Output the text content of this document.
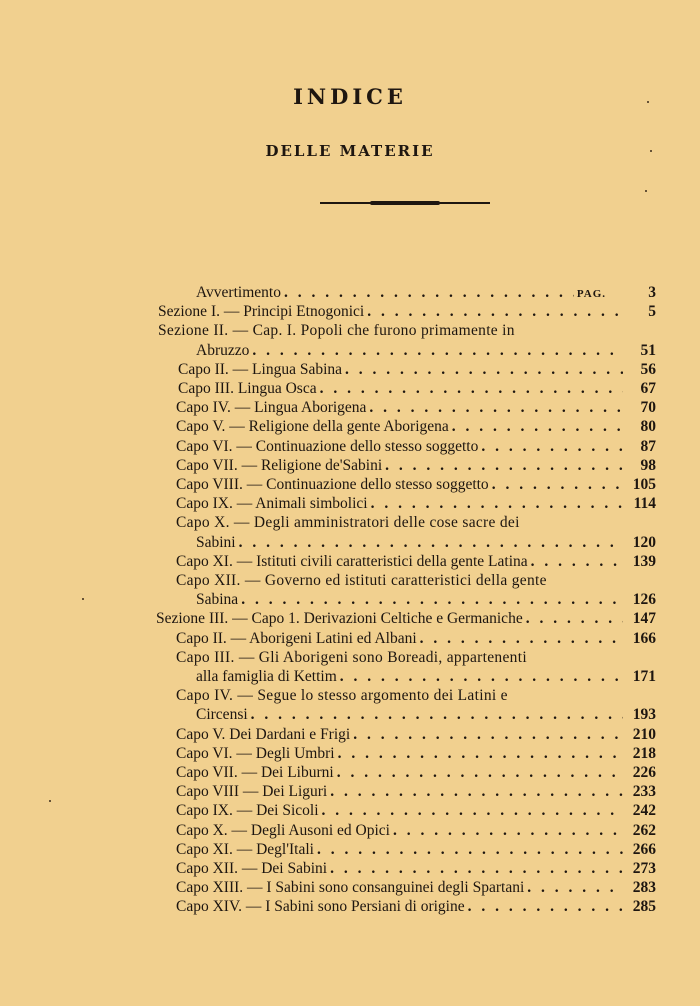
INDICE
DELLE MATERIE
Avvertimento . . .	PAG.	3
Sezione I. — Principi Etnogonici . . .	5
Sezione II. — Cap. I. Popoli che furono primamente in
Abruzzo . . .	51
Capo II. — Lingua Sabina . . .	56
Capo III. Lingua Osca . . .	67
Capo IV. — Lingua Aborigena . . .	70
Capo V. — Religione della gente Aborigena . . .	80
Capo VI. — Continuazione dello stesso soggetto . . .	87
Capo VII. — Religione de'Sabini . . .	98
Capo VIII. — Continuazione dello stesso soggetto . . .	105
Capo IX. — Animali simbolici . . .	114
Capo X. — Degli amministratori delle cose sacre dei
Sabini . . .	120
Capo XI. — Istituti civili caratteristici della gente Latina . . .	139
Capo XII. — Governo ed istituti caratteristici della gente
Sabina . . .	126
Sezione III. — Capo 1. Derivazioni Celtiche e Germaniche . . .	147
Capo II. — Aborigeni Latini ed Albani . . .	166
Capo III. — Gli Aborigeni sono Boreadi, appartenenti
alla famiglia di Kettim . . .	171
Capo IV. — Segue lo stesso argomento dei Latini e
Circensi . . .	193
Capo V. Dei Dardani e Frigi . . .	210
Capo VI. — Degli Umbri . . .	218
Capo VII. — Dei Liburni . . .	226
Capo VIII — Dei Liguri . . .	233
Capo IX. — Dei Sicoli . . .	242
Capo X. — Degli Ausoni ed Opici . . .	262
Capo XI. — Degl'Itali . . .	266
Capo XII. — Dei Sabini . . .	273
Capo XIII. — I Sabini sono consanguinei degli Spartani . . .	283
Capo XIV. — I Sabini sono Persiani di origine . . .	285
